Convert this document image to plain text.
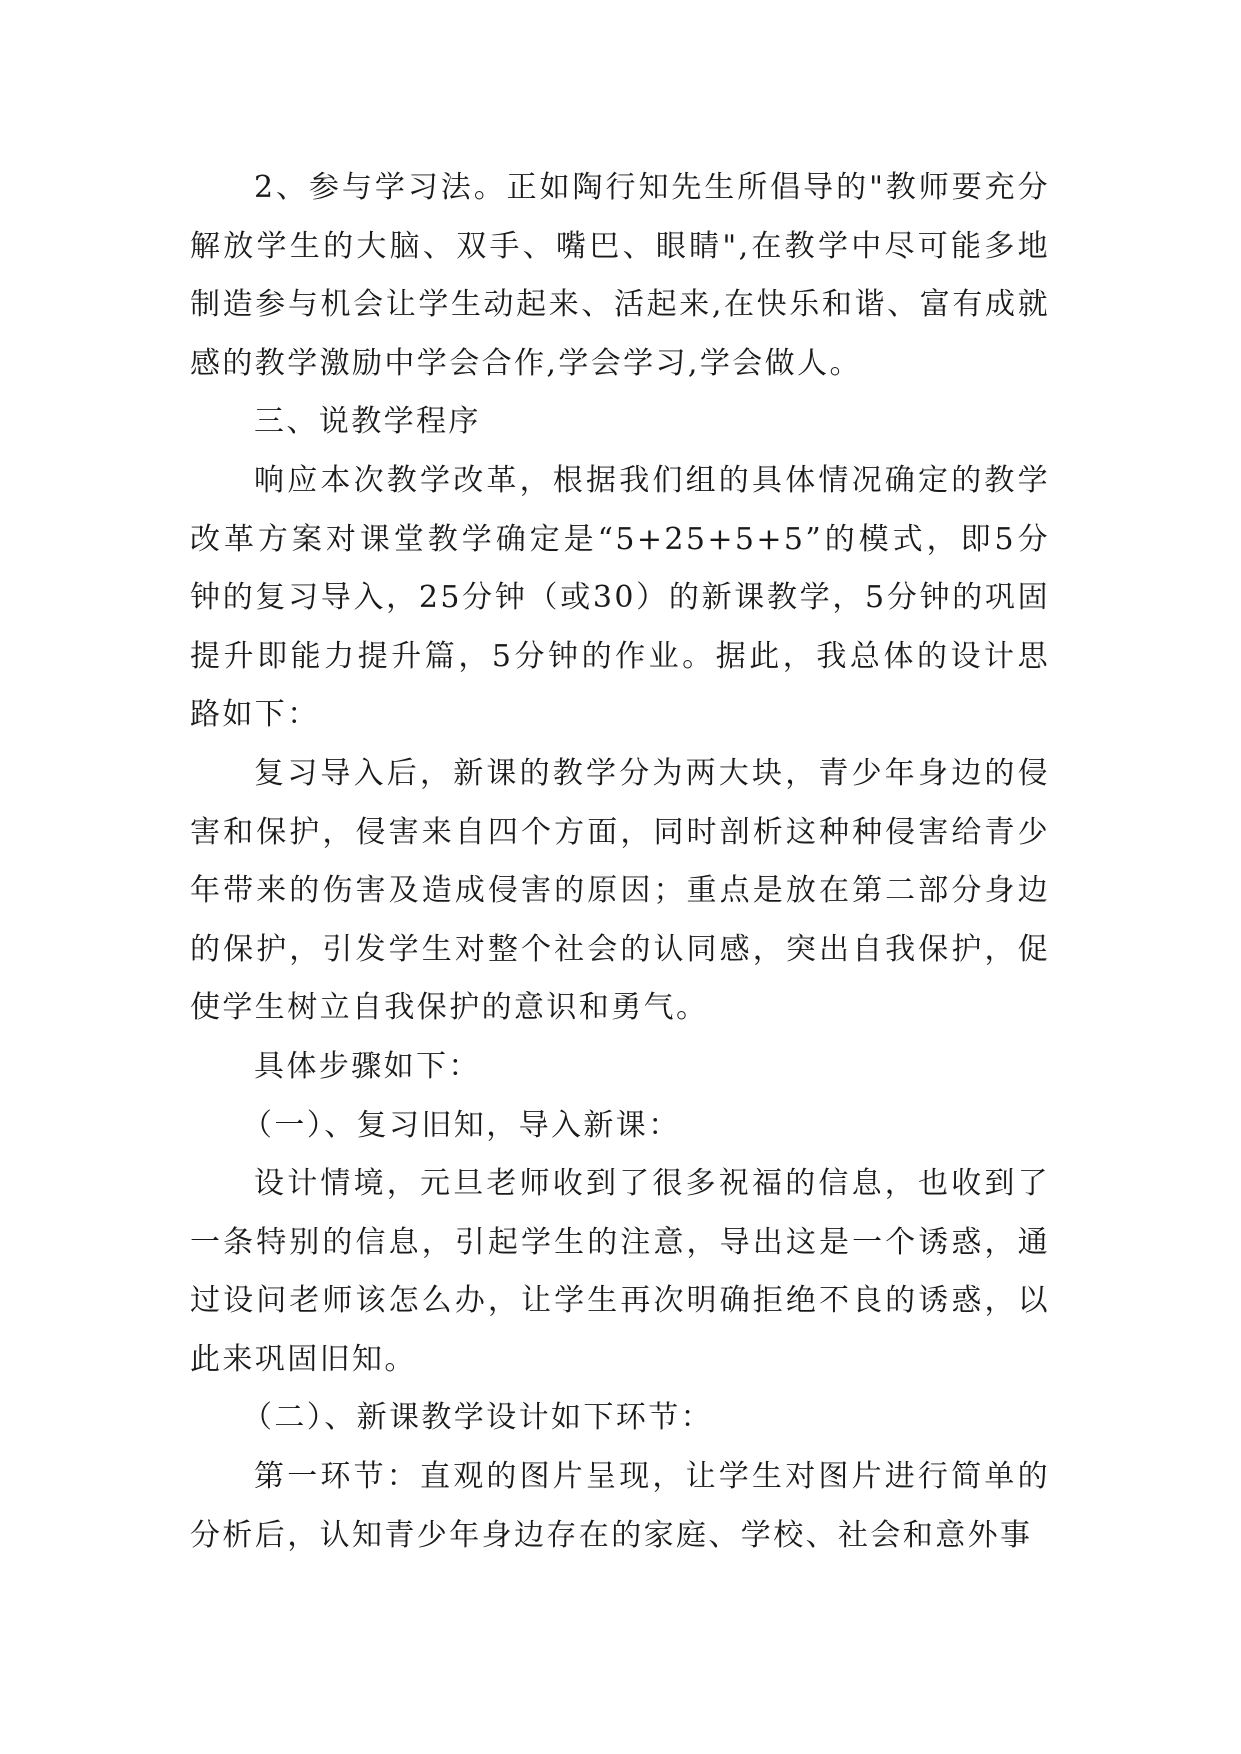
2、参与学习法。正如陶行知先生所倡导的"教师要充分解放学生的大脑、双手、嘴巴、眼睛",在教学中尽可能多地制造参与机会让学生动起来、活起来,在快乐和谐、富有成就感的教学激励中学会合作,学会学习,学会做人。

三、说教学程序

响应本次教学改革，根据我们组的具体情况确定的教学改革方案对课堂教学确定是“5+25+5+5”的模式，即5分钟的复习导入，25分钟（或30）的新课教学，5分钟的巩固提升即能力提升篇，5分钟的作业。据此，我总体的设计思路如下：

复习导入后，新课的教学分为两大块，青少年身边的侵害和保护，侵害来自四个方面，同时剖析这种种侵害给青少年带来的伤害及造成侵害的原因；重点是放在第二部分身边的保护，引发学生对整个社会的认同感，突出自我保护，促使学生树立自我保护的意识和勇气。

具体步骤如下：

（一）、复习旧知，导入新课：

设计情境，元旦老师收到了很多祝福的信息，也收到了一条特别的信息，引起学生的注意，导出这是一个诱惑，通过设问老师该怎么办，让学生再次明确拒绝不良的诱惑，以此来巩固旧知。

（二）、新课教学设计如下环节：

第一环节：直观的图片呈现，让学生对图片进行简单的分析后，认知青少年身边存在的家庭、学校、社会和意外事
